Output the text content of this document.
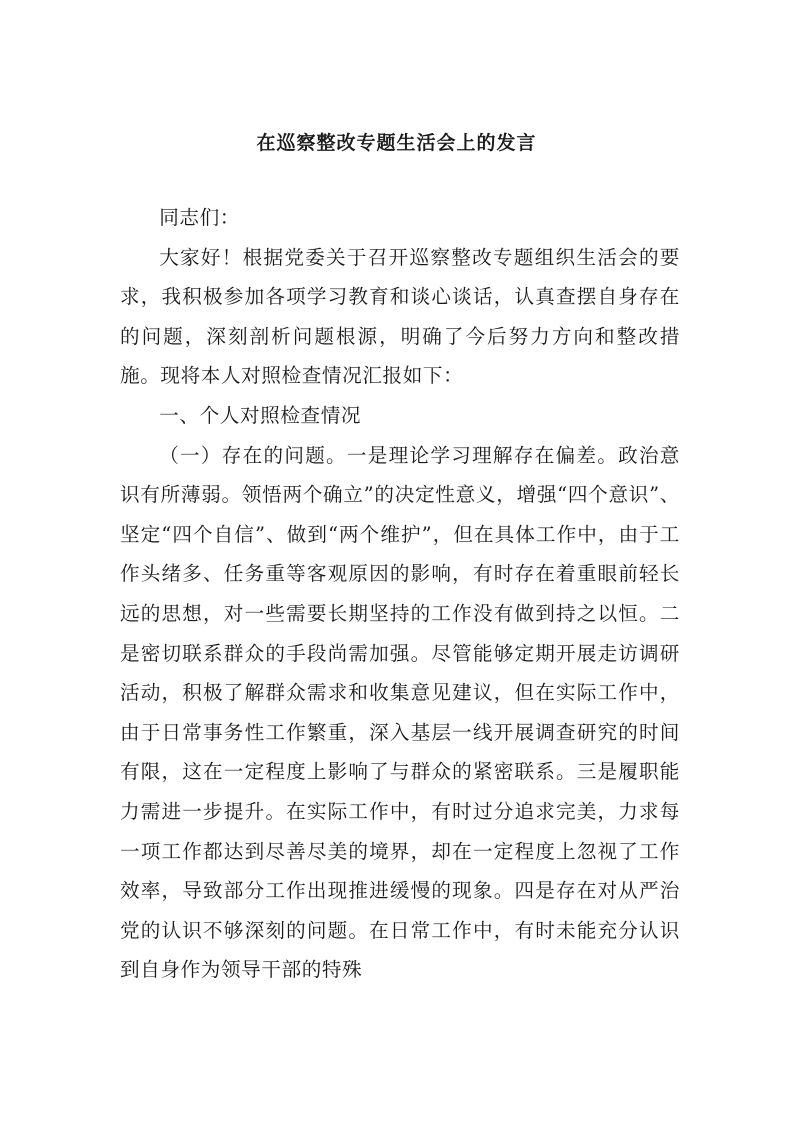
在巡察整改专题生活会上的发言

同志们：

大家好！根据党委关于召开巡察整改专题组织生活会的要求，我积极参加各项学习教育和谈心谈话，认真查摆自身存在的问题，深刻剖析问题根源，明确了今后努力方向和整改措施。现将本人对照检查情况汇报如下：

一、个人对照检查情况

（一）存在的问题。一是理论学习理解存在偏差。政治意识有所薄弱。领悟两个确立”的决定性意义，增强“四个意识”、坚定“四个自信”、做到“两个维护”，但在具体工作中，由于工作头绪多、任务重等客观原因的影响，有时存在着重眼前轻长远的思想，对一些需要长期坚持的工作没有做到持之以恒。二是密切联系群众的手段尚需加强。尽管能够定期开展走访调研活动，积极了解群众需求和收集意见建议，但在实际工作中，由于日常事务性工作繁重，深入基层一线开展调查研究的时间有限，这在一定程度上影响了与群众的紧密联系。三是履职能力需进一步提升。在实际工作中，有时过分追求完美，力求每一项工作都达到尽善尽美的境界，却在一定程度上忽视了工作效率，导致部分工作出现推进缓慢的现象。四是存在对从严治党的认识不够深刻的问题。在日常工作中，有时未能充分认识到自身作为领导干部的特殊
